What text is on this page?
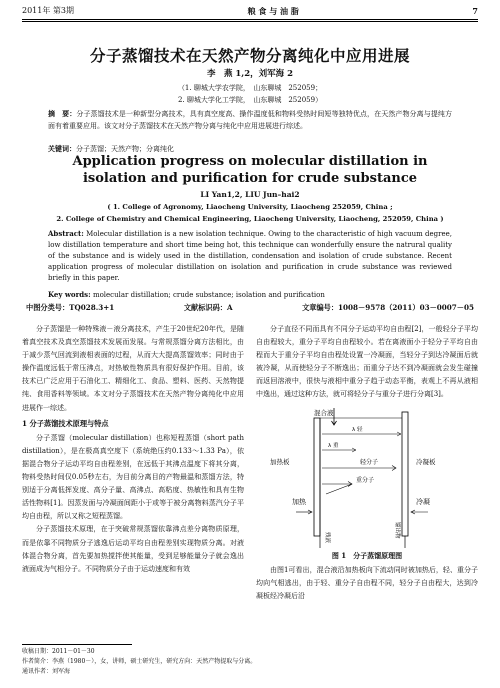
2011年 第3期	粮 食 与 油 脂	7
分子蒸馏技术在天然产物分离纯化中应用进展
李　燕 1,2，刘军海 2
（1. 聊城大学农学院，　山东聊城　252059；
2. 聊城大学化工学院，　山东聊城　252059）
摘　要：分子蒸馏技术是一种新型分离技术，具有真空度高、操作温度低和物料受热时间短等独特优点，在天然产物分离与提纯方面有着重要应用。该文对分子蒸馏技术在天然产物分离与纯化中应用进展进行综述。
关键词：分子蒸馏；天然产物；分离纯化
Application progress on molecular distillation in isolation and purification for crude substance
LI Yan1,2, LIU Jun–hai2
( 1. College of Agronomy, Liaocheng University, Liaocheng 252059, China ;
2. College of Chemistry and Chemical Engineering, Liaocheng University, Liaocheng, 252059, China )
Abstract: Molecular distillation is a new isolation technique. Owing to the characteristic of high vacuum degree, low distillation temperature and short time being hot, this technique can wonderfully ensure the natrural quality of the substance and is widely used in the distillation, condensation and isolation of crude substance. Recent application progress of molecular distillation on isolation and purification in crude substance was reviewed briefly in this paper.
Key words: molecular distillation; crude substance; isolation and purification
中图分类号：TQ028.3+1	文献标识码：A	文章编号：1008－9578（2011）03－0007－05

分子蒸馏是一种特殊液－液分离技术，产生于20世纪20年代，是随着真空技术及真空蒸馏技术发展而发展。与常规蒸馏分离方法相比，由于减少蒸气回流到液相表面的过程，从而大大提高蒸馏效率；同时由于操作温度远低于常压沸点，对热敏性物质具有很好保护作用。目前，该技术已广泛应用于石油化工、精细化工、食品、塑料、医药、天然物提纯、食用香料等领域。本文对分子蒸馏技术在天然产物分离纯化中应用进展作一综述。

1 分子蒸馏技术原理与特点

分子蒸馏（molecular distillation）也称短程蒸馏（short path distillation），是在极高真空度下（系统绝压约0.133～1.33 Pa），依据混合物分子运动平均自由程差别，在远低于其沸点温度下将其分离，物料受热时间仅0.05秒左右，为目前分离目的产物最温和蒸馏方法，特别适于分离低挥发度、高分子量、高沸点、高粘度、热敏性和具有生物活性物料[1]。因蒸发面与冷凝面间距小于或等于被分离物料蒸汽分子平均自由程，所以又称之短程蒸馏。

分子蒸馏技术原理，在于突破常规蒸馏依靠沸点差分离物质原理，而是依靠不同物质分子逃逸后运动平均自由程差别实现物质分离。对液体混合物分离，首先要加热搅拌使其能量，受到足够能量分子就会逸出液面成为气相分子。不同物质分子由于运动速度和有效

分子直径不同而具有不同分子运动平均自由程[2]，一般轻分子平均自由程较大，重分子平均自由程较小。若在离液面小于轻分子平均自由程而大于重分子平均自由程处设置一冷凝面，当轻分子到达冷凝面后就被冷凝，从而使轻分子不断逸出；而重分子达不到冷凝面就会发生碰撞而返回溶液中，很快与液相中重分子趋于动态平衡，表观上不再从液相中逸出，通过这种方法，就可将轻分子与重分子进行分离[3]。

混合液
λ 轻
λ 重
轻分子
重分子
加热板	冷凝板
加热	冷凝
残液	馏出物
图 1　分子蒸馏原理图

由图1可看出，混合液沿加热板向下流动同时被加热后，轻、重分子均向气相逃出，由于轻、重分子自由程不同，轻分子自由程大，达到冷凝板经冷凝后沿

收稿日期：2011－01－30
作者简介：李燕（1980－），女，讲师，硕士研究生，研究方向：天然产物提取与分离。
通讯作者：刘军海
